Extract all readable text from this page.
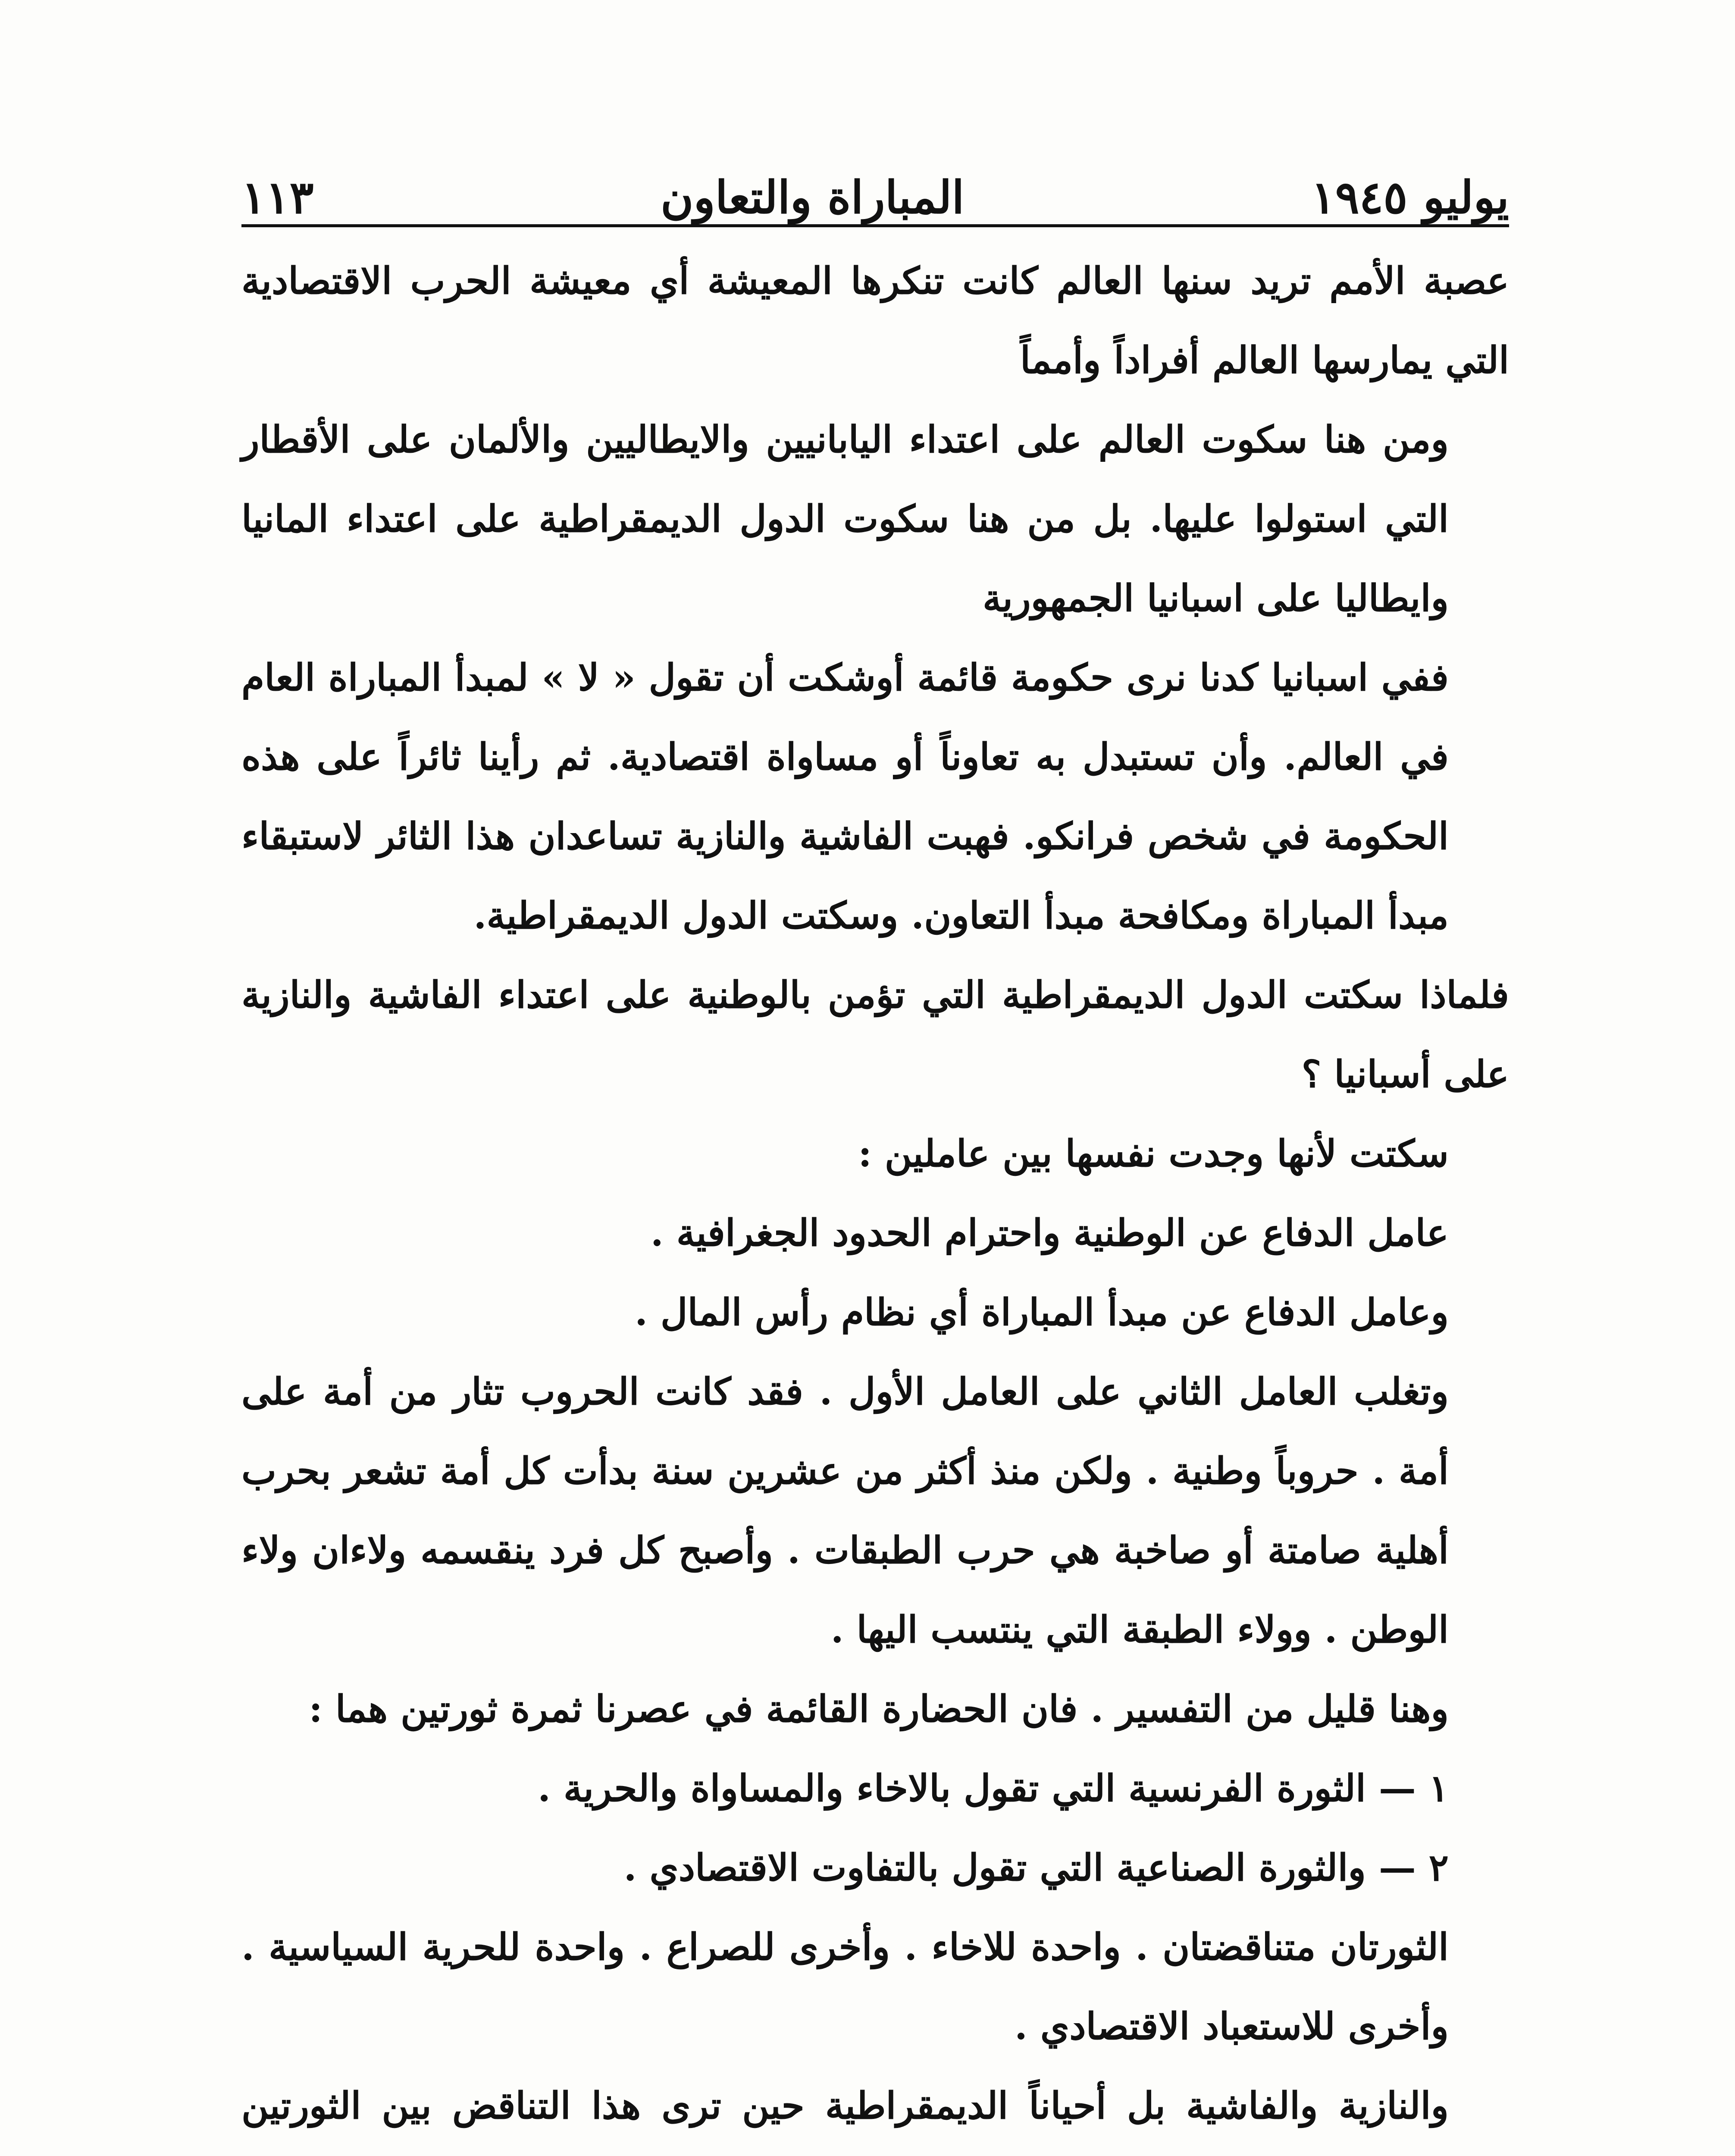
يوليو ١٩٤٥
المباراة والتعاون
١١٣

عصبة الأمم تريد سنها العالم كانت تنكرها المعيشة أي معيشة الحرب الاقتصادية التي يمارسها العالم أفراداً وأمماً

ومن هنا سكوت العالم على اعتداء اليابانيين والايطاليين والألمان على الأقطار التي استولوا عليها. بل من هنا سكوت الدول الديمقراطية على اعتداء المانيا وايطاليا على اسبانيا الجمهورية

ففي اسبانيا كدنا نرى حكومة قائمة أوشكت أن تقول « لا » لمبدأ المباراة العام في العالم. وأن تستبدل به تعاوناً أو مساواة اقتصادية. ثم رأينا ثائراً على هذه الحكومة في شخص فرانكو. فهبت الفاشية والنازية تساعدان هذا الثائر لاستبقاء مبدأ المباراة ومكافحة مبدأ التعاون. وسكتت الدول الديمقراطية.

فلماذا سكتت الدول الديمقراطية التي تؤمن بالوطنية على اعتداء الفاشية والنازية على أسبانيا ؟

سكتت لأنها وجدت نفسها بين عاملين :

عامل الدفاع عن الوطنية واحترام الحدود الجغرافية .

وعامل الدفاع عن مبدأ المباراة أي نظام رأس المال .

وتغلب العامل الثاني على العامل الأول . فقد كانت الحروب تثار من أمة على أمة . حروباً وطنية . ولكن منذ أكثر من عشرين سنة بدأت كل أمة تشعر بحرب أهلية صامتة أو صاخبة هي حرب الطبقات . وأصبح كل فرد ينقسمه ولاءان ولاء الوطن . وولاء الطبقة التي ينتسب اليها .

وهنا قليل من التفسير . فان الحضارة القائمة في عصرنا ثمرة ثورتين هما :

١ — الثورة الفرنسية التي تقول بالاخاء والمساواة والحرية .

٢ — والثورة الصناعية التي تقول بالتفاوت الاقتصادي .

الثورتان متناقضتان . واحدة للاخاء . وأخرى للصراع . واحدة للحرية السياسية . وأخرى للاستعباد الاقتصادي .

والنازية والفاشية بل أحياناً الديمقراطية حين ترى هذا التناقض بين الثورتين
